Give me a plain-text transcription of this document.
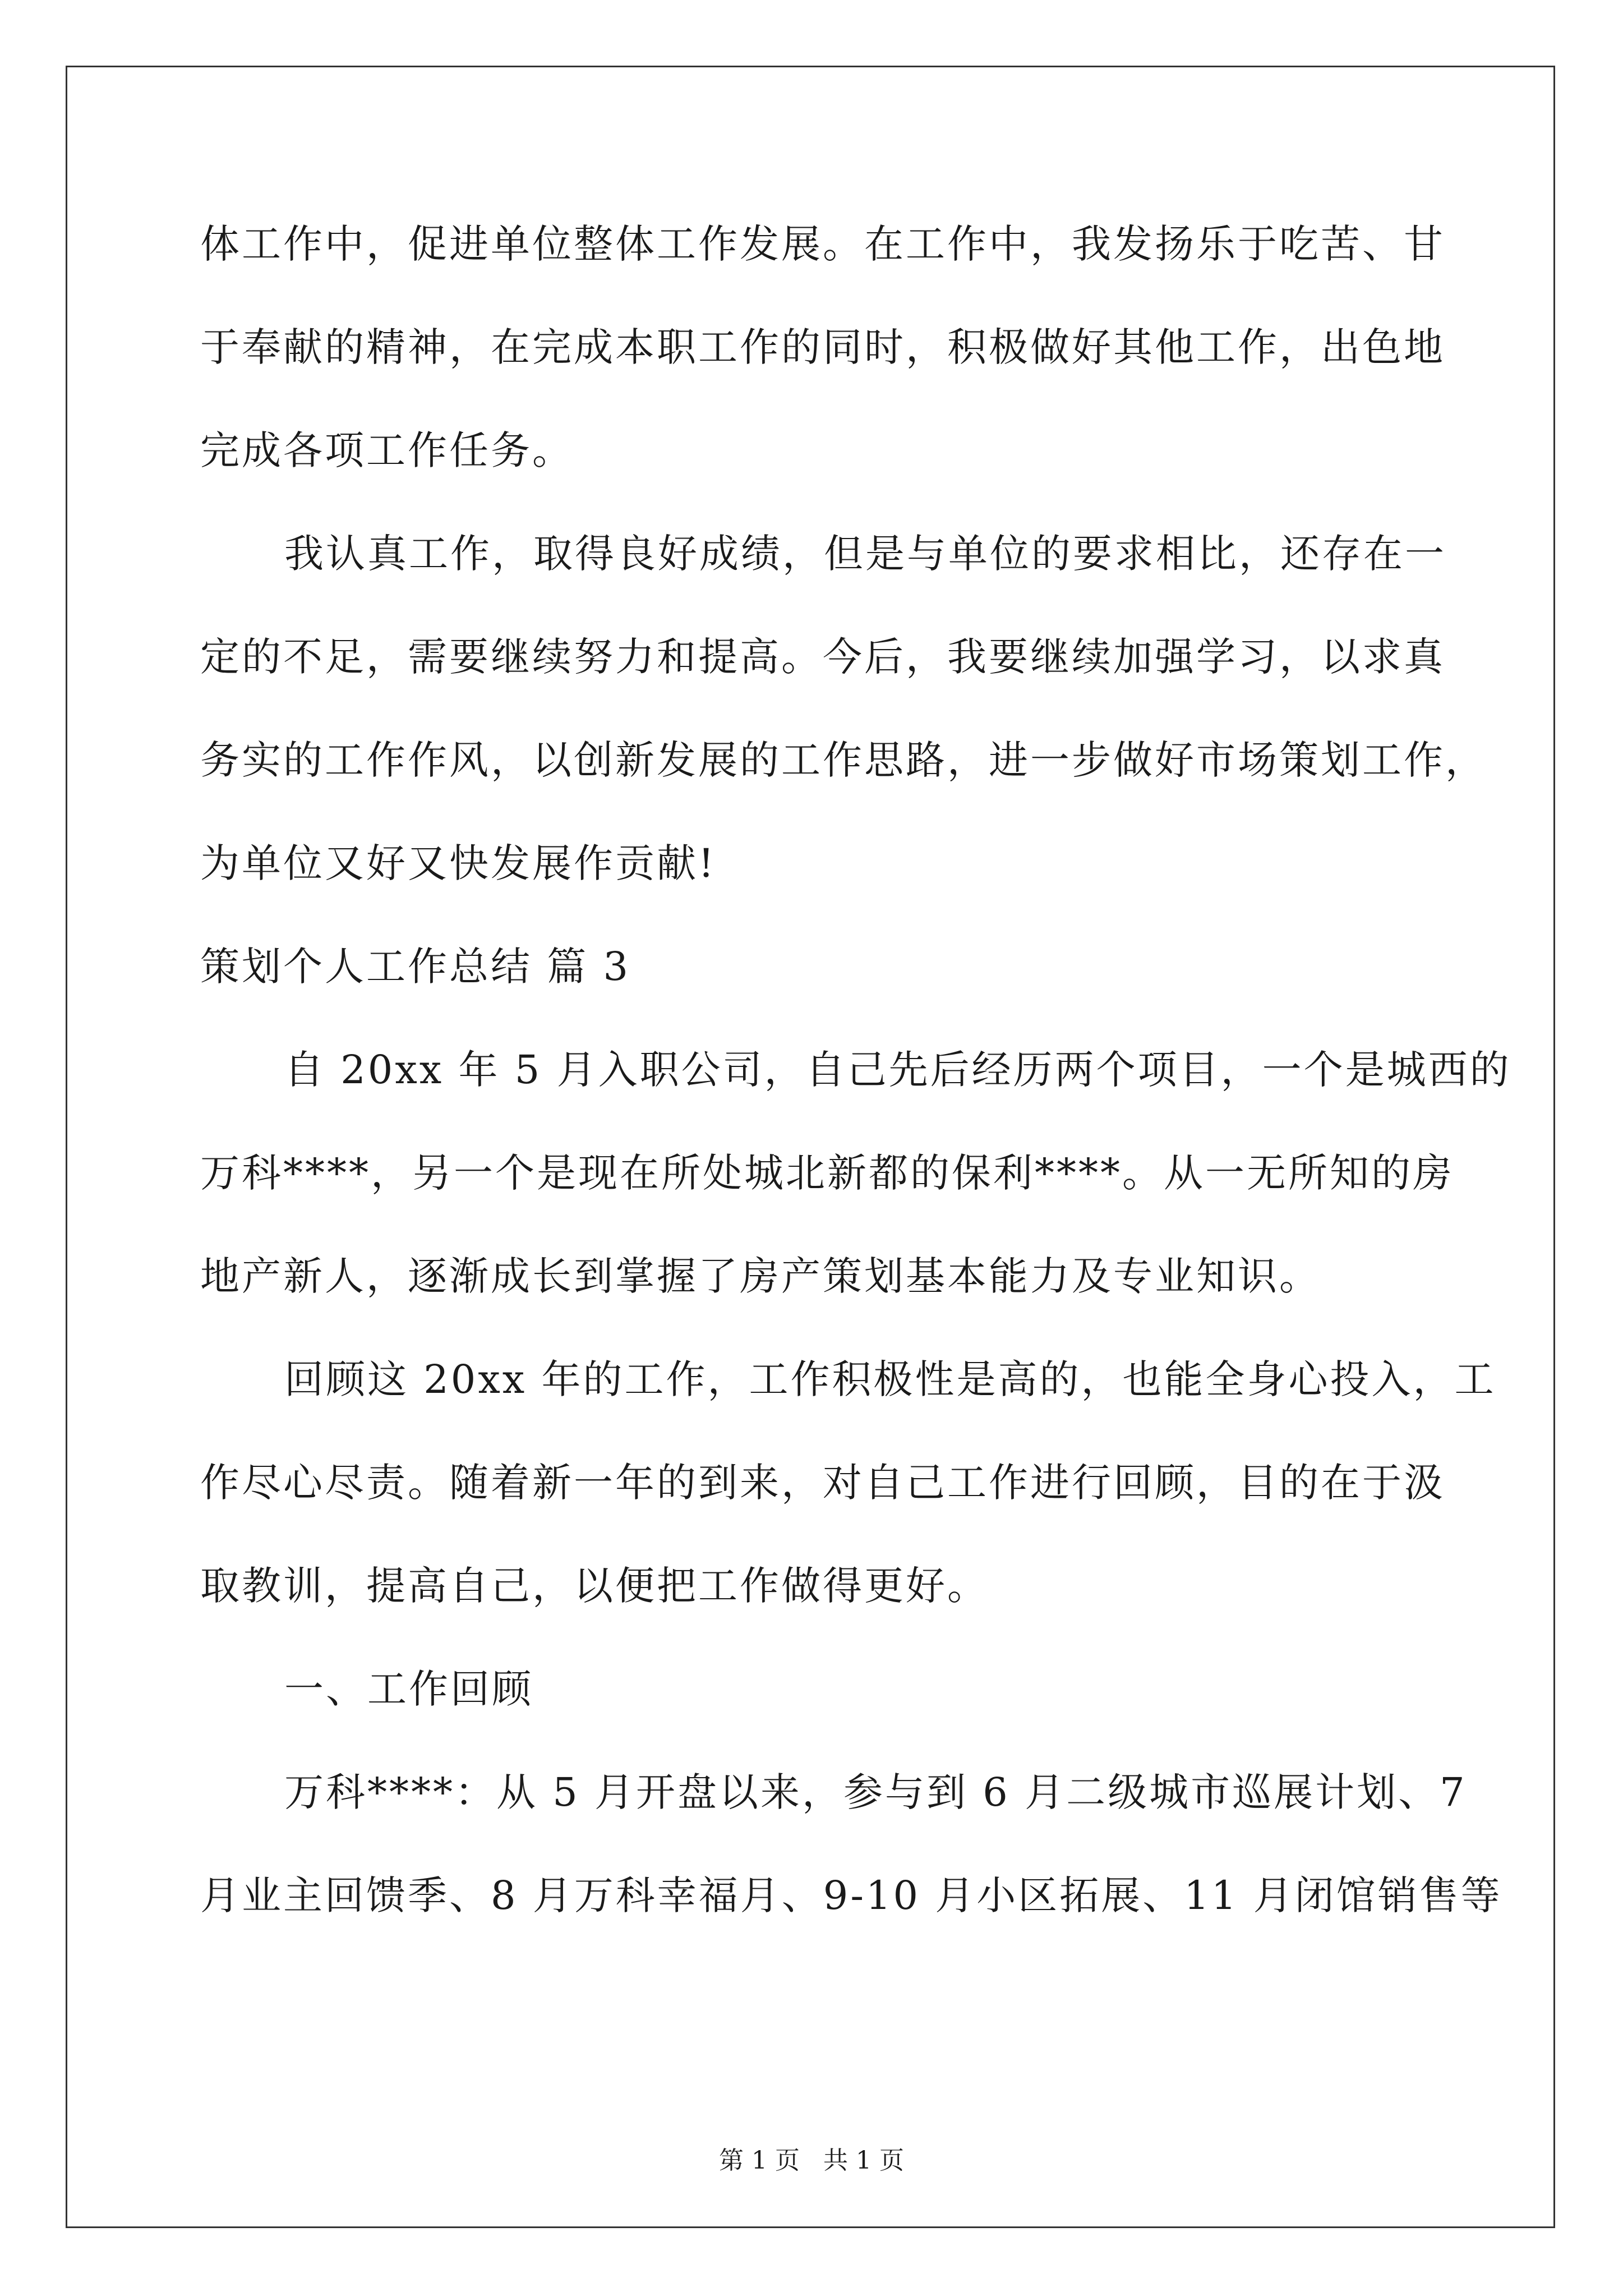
体工作中，促进单位整体工作发展。在工作中，我发扬乐于吃苦、甘
于奉献的精神，在完成本职工作的同时，积极做好其他工作，出色地
完成各项工作任务。
我认真工作，取得良好成绩，但是与单位的要求相比，还存在一
定的不足，需要继续努力和提高。今后，我要继续加强学习，以求真
务实的工作作风，以创新发展的工作思路，进一步做好市场策划工作，
为单位又好又快发展作贡献!
策划个人工作总结 篇 3
自 20xx 年 5 月入职公司，自己先后经历两个项目，一个是城西的
万科****，另一个是现在所处城北新都的保利****。从一无所知的房
地产新人，逐渐成长到掌握了房产策划基本能力及专业知识。
回顾这 20xx 年的工作，工作积极性是高的，也能全身心投入，工
作尽心尽责。随着新一年的到来，对自己工作进行回顾，目的在于汲
取教训，提高自己，以便把工作做得更好。
一、工作回顾
万科****：从 5 月开盘以来，参与到 6 月二级城市巡展计划、7
月业主回馈季、8 月万科幸福月、9-10 月小区拓展、11 月闭馆销售等
第 1 页   共 1 页
